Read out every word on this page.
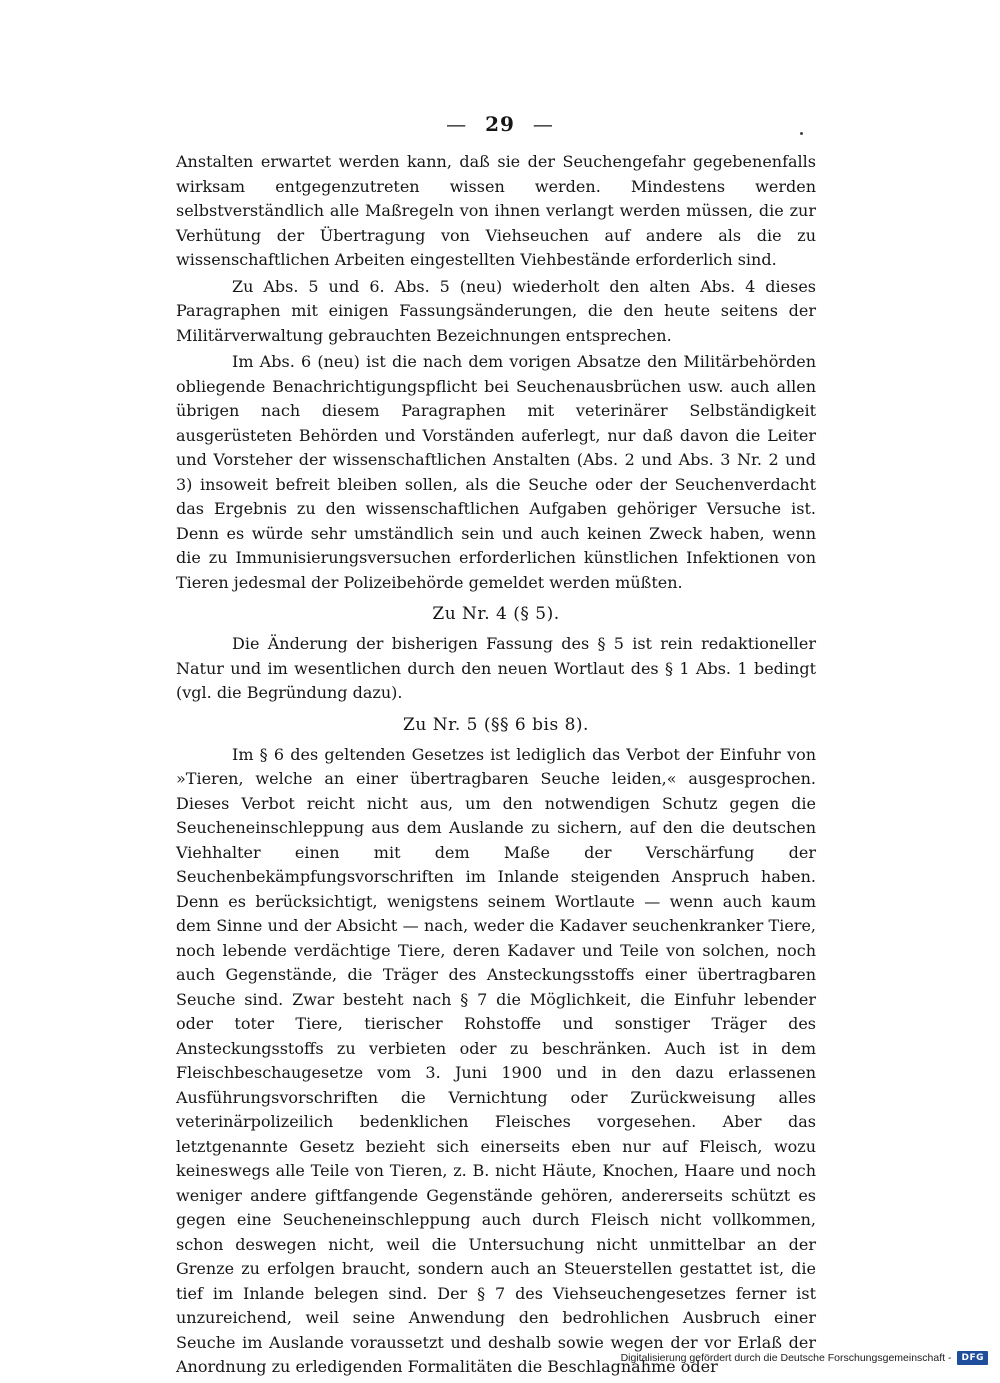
— 29 —

Anstalten erwartet werden kann, daß sie der Seuchengefahr gegebenenfalls wirksam entgegenzutreten wissen werden. Mindestens werden selbstverständlich alle Maßregeln von ihnen verlangt werden müssen, die zur Verhütung der Übertragung von Viehseuchen auf andere als die zu wissenschaftlichen Arbeiten eingestellten Viehbestände erforderlich sind.

Zu Abs. 5 und 6. Abs. 5 (neu) wiederholt den alten Abs. 4 dieses Paragraphen mit einigen Fassungsänderungen, die den heute seitens der Militärverwaltung gebrauchten Bezeichnungen entsprechen.

Im Abs. 6 (neu) ist die nach dem vorigen Absatze den Militärbehörden obliegende Benachrichtigungspflicht bei Seuchenausbrüchen usw. auch allen übrigen nach diesem Paragraphen mit veterinärer Selbständigkeit ausgerüsteten Behörden und Vorständen auferlegt, nur daß davon die Leiter und Vorsteher der wissenschaftlichen Anstalten (Abs. 2 und Abs. 3 Nr. 2 und 3) insoweit befreit bleiben sollen, als die Seuche oder der Seuchenverdacht das Ergebnis zu den wissenschaftlichen Aufgaben gehöriger Versuche ist. Denn es würde sehr umständlich sein und auch keinen Zweck haben, wenn die zu Immunisierungsversuchen erforderlichen künstlichen Infektionen von Tieren jedesmal der Polizeibehörde gemeldet werden müßten.

Zu Nr. 4 (§ 5).

Die Änderung der bisherigen Fassung des § 5 ist rein redaktioneller Natur und im wesentlichen durch den neuen Wortlaut des § 1 Abs. 1 bedingt (vgl. die Begründung dazu).

Zu Nr. 5 (§§ 6 bis 8).

Im § 6 des geltenden Gesetzes ist lediglich das Verbot der Einfuhr von »Tieren, welche an einer übertragbaren Seuche leiden,« ausgesprochen. Dieses Verbot reicht nicht aus, um den notwendigen Schutz gegen die Seucheneinschleppung aus dem Auslande zu sichern, auf den die deutschen Viehhalter einen mit dem Maße der Verschärfung der Seuchenbekämpfungsvorschriften im Inlande steigenden Anspruch haben. Denn es berücksichtigt, wenigstens seinem Wortlaute — wenn auch kaum dem Sinne und der Absicht — nach, weder die Kadaver seuchenkranker Tiere, noch lebende verdächtige Tiere, deren Kadaver und Teile von solchen, noch auch Gegenstände, die Träger des Ansteckungsstoffs einer übertragbaren Seuche sind. Zwar besteht nach § 7 die Möglichkeit, die Einfuhr lebender oder toter Tiere, tierischer Rohstoffe und sonstiger Träger des Ansteckungsstoffs zu verbieten oder zu beschränken. Auch ist in dem Fleischbeschaugesetze vom 3. Juni 1900 und in den dazu erlassenen Ausführungsvorschriften die Vernichtung oder Zurückweisung alles veterinärpolizeilich bedenklichen Fleisches vorgesehen. Aber das letztgenannte Gesetz bezieht sich einerseits eben nur auf Fleisch, wozu keineswegs alle Teile von Tieren, z. B. nicht Häute, Knochen, Haare und noch weniger andere giftfangende Gegenstände gehören, andererseits schützt es gegen eine Seucheneinschleppung auch durch Fleisch nicht vollkommen, schon deswegen nicht, weil die Untersuchung nicht unmittelbar an der Grenze zu erfolgen braucht, sondern auch an Steuerstellen gestattet ist, die tief im Inlande belegen sind. Der § 7 des Viehseuchengesetzes ferner ist unzureichend, weil seine Anwendung den bedrohlichen Ausbruch einer Seuche im Auslande voraussetzt und deshalb sowie wegen der vor Erlaß der Anordnung zu erledigenden Formalitäten die Beschlagnahme oder

Digitalisierung gefördert durch die Deutsche Forschungsgemeinschaft -	DFG
